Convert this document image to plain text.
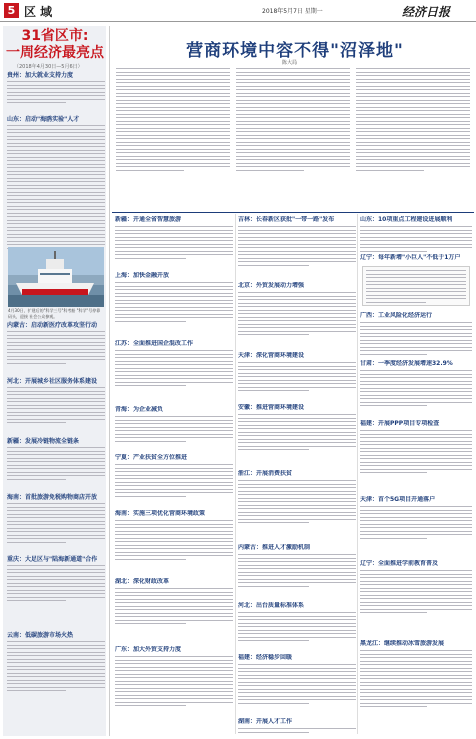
5 区 域	2018年5月7日 星期一	经济日报
31省区市:
一周经济最亮点
（2018年4月30日—5月6日）
贵州：加大就业支持力度
山东：启动"海鸥实验"人才
4月30日，扩建后的"科学三号"科考船 "科学"号停靠码头，迎接 社会公众参观。
内蒙古：启动新医疗改革攻坚行动
河北：开展城乡社区服务体系建设
新疆：发展冷链物流全链条
海南：首批旅游免税购物商店开放
重庆：大足区与"陆海新通道"合作
云南：低碳旅游市场火热
营商环境中容不得"沼泽地"
陈大局
新疆：开通全省智慧旅游
上海：加快金融开放
江苏：全面推进国企混改工作
青海：为企业减负
宁夏：产业扶贫全方位推进
海南：实施三项优化营商环境政策
湖北：深化财政改革
广东：加大外贸支持力度
吉林：长春新区获批"一带一路"发布
北京：外贸发展动力增强
天津：深化营商环境建设
安徽：推进营商环境建设
浙江：开展消费扶贫
内蒙古：推进人才激励机制
河北：出台质量标准体系
福建：经济稳步回暖
湖南：开展人才工作
山东：10项重点工程建设进展顺利
辽宁：每年新增"小巨人"不低于1万户
广西：工业风险化经济运行
甘肃：一季度经济发展增速32.9%
福建：开展PPP项目专项检查
天津：首个5G项目开通落户
辽宁：全面推进学前教育普及
黑龙江：继续推动冰雪旅游发展
